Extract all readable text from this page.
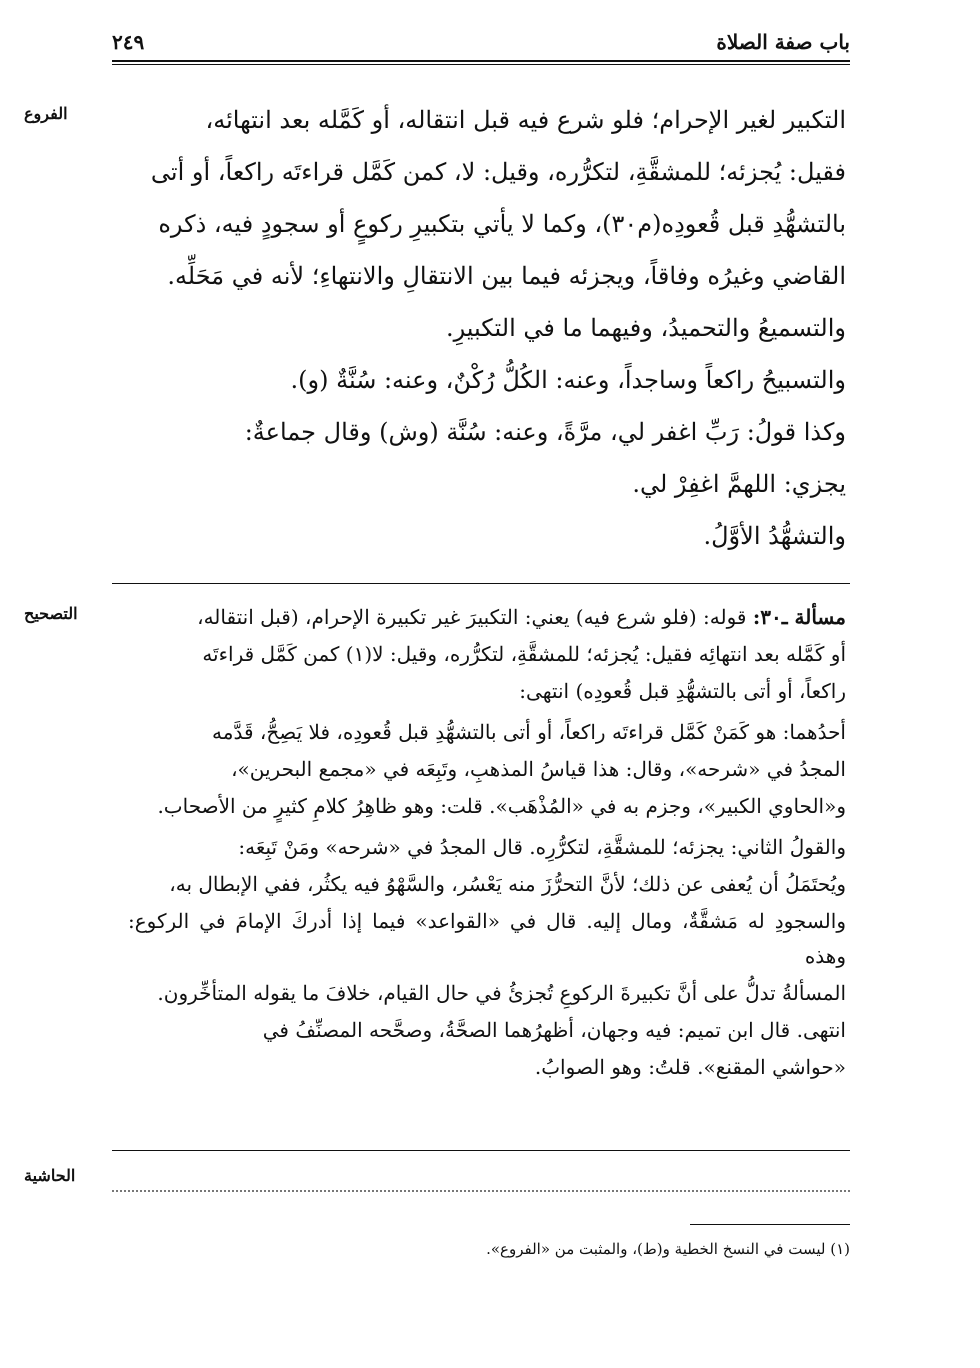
باب صفة الصلاة
٢٤٩
الفروع	التكبير لغير الإحرام؛ فلو شرع فيه قبل انتقاله، أو كَمَّله بعد انتهائه،

فقيل: يُجزئه؛ للمشقَّةِ، لتكرُّره، وقيل: لا، كمن كَمَّل قراءتَه راكعاً، أو أتى

بالتشهُّدِ قبل قُعودِه(م٣٠)، وكما لا يأتي بتكبيرِ ركوعٍ أو سجودٍ فيه، ذكره

القاضي وغيرُه وفاقاً، ويجزئه فيما بين الانتقالِ والانتهاءِ؛ لأنه في مَحَلِّه.

والتسميعُ والتحميدُ، وفيهما ما في التكبيرِ.

والتسبيحُ راكعاً وساجداً، وعنه: الكُلُّ رُكْنٌ، وعنه: سُنَّةٌ (و).

وكذا قولُ: رَبِّ اغفر لي، مرَّةً، وعنه: سُنَّة (وش) وقال جماعةٌ:

يجزي: اللهمَّ اغفِرْ لي.

والتشهُّدُ الأوَّلُ.

التصحيح	مسألة ـ٣٠: قوله: (فلو شرع فيه) يعني: التكبيرَ غير تكبيرة الإحرام، (قبل انتقاله،

أو كَمَّله بعد انتهائِه فقيل: يُجزئه؛ للمشقَّةِ، لتكرُّره، وقيل: لا(١) كمن كَمَّل قراءتَه

راكعاً، أو أتى بالتشهُّدِ قبل قُعودِه) انتهى:

أحدُهما: هو كَمَنْ كَمَّل قراءتَه راكعاً، أو أتى بالتشهُّدِ قبل قُعودِه، فلا يَصِحُّ، قَدَّمه

المجدُ في «شرحه»، وقال: هذا قياسُ المذهبِ، وتَبِعَه في «مجمع البحرين»،

و«الحاوي الكبير»، وجزم به في «المُذْهَب». قلت: وهو ظاهِرُ كلامِ كثيرٍ من الأصحاب.

والقولُ الثاني: يجزئه؛ للمشقَّةِ، لتكرُّرِه. قال المجدُ في «شرحه» ومَنْ تَبِعَه:

ويُحتَمَلُ أن يُعفى عن ذلك؛ لأنَّ التحرُّزَ منه يَعْسُر، والسَّهْوُ فيه يكثُر، ففي الإبطال به،

والسجودِ له مَشقَّةٌ، ومال إليه. قال في «القواعد» فيما إذا أدركَ الإمامَ في الركوع: وهذه

المسألةُ تدلُّ على أنَّ تكبيرةَ الركوعِ تُجزئُ في حال القيام، خلافَ ما يقوله المتأخِّرون.

انتهى. قال ابن تميم: فيه وجهان، أظهرُهما الصحَّةُ، وصحَّحه المصنِّفُ في

«حواشي المقنع». قلتُ: وهو الصوابُ.

الحاشية
(١) ليست في النسخ الخطية و(ط)، والمثبت من «الفروع».
